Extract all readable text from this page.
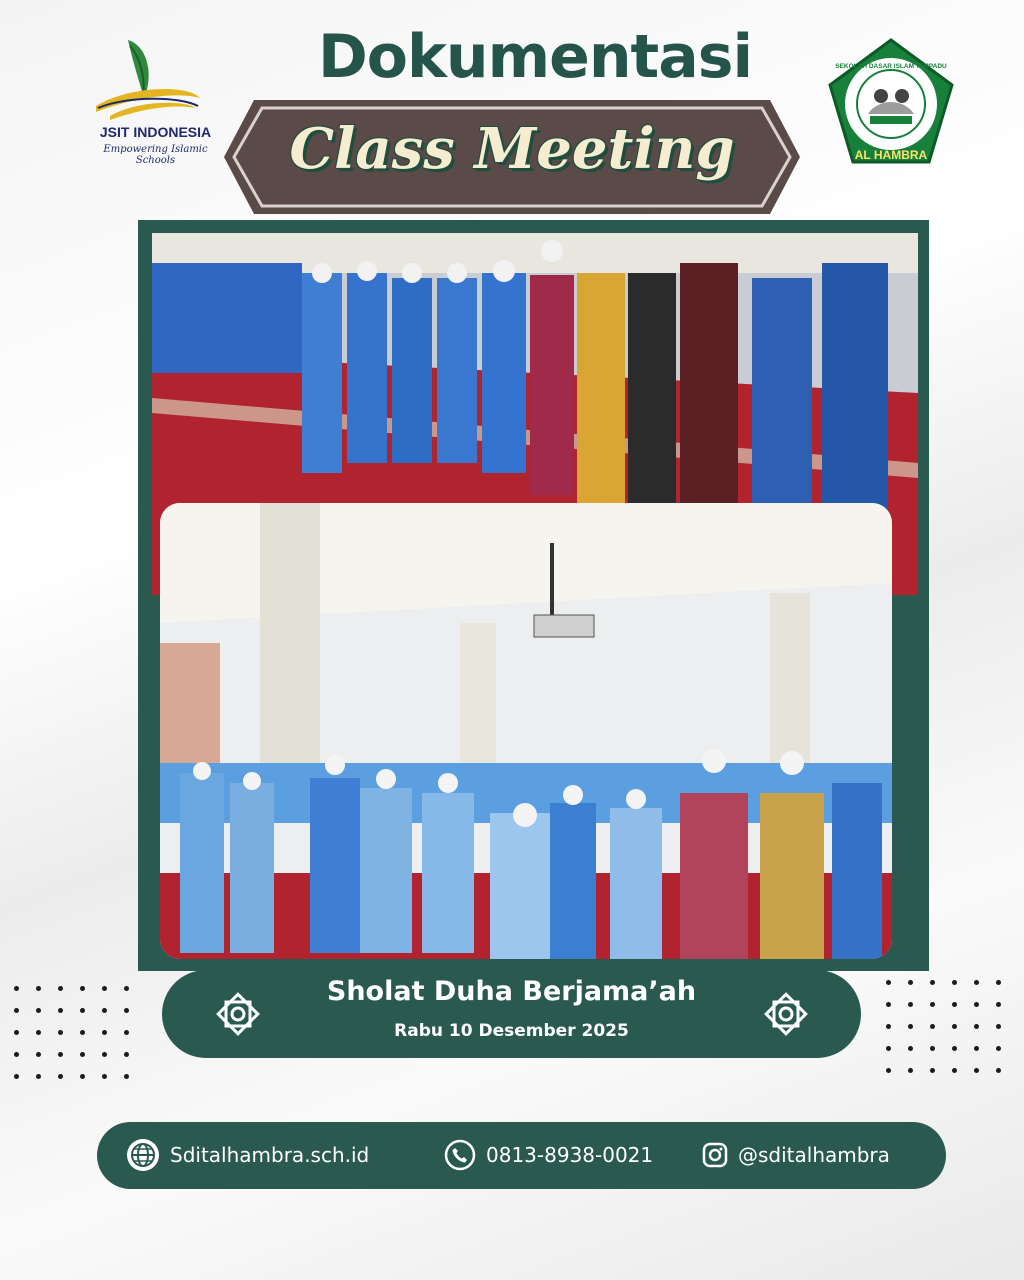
JSIT INDONESIA
Empowering Islamic Schools
Dokumentasi
Class Meeting	AL HAMBRA
SEKOLAH DASAR ISLAM TERPADU
Sholat Duha Berjama’ah
Rabu 10 Desember 2025
Sditalhambra.sch.id	0813-8938-0021	@sditalhambra
